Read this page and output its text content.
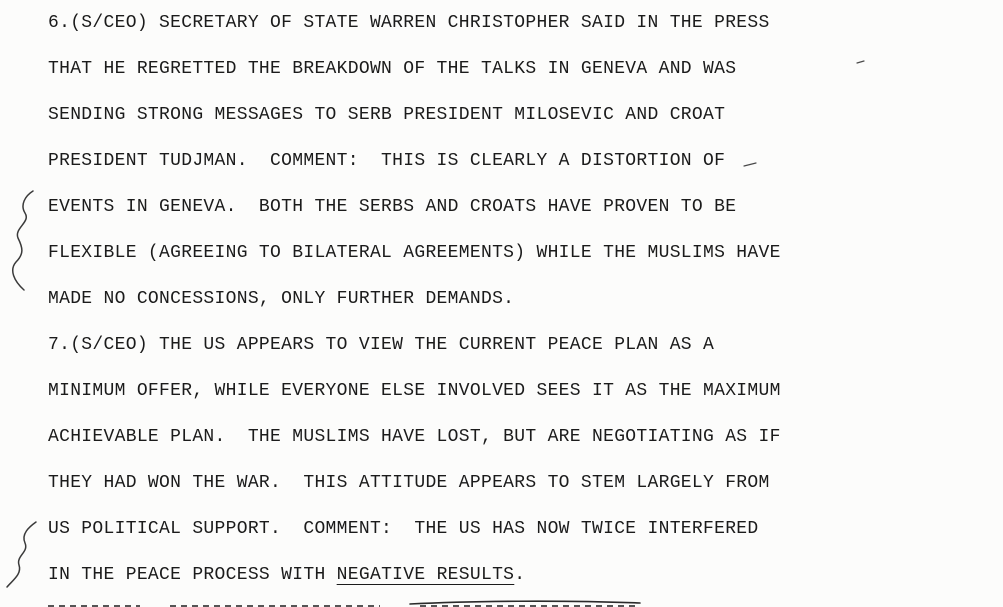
6.(S/CEO) SECRETARY OF STATE WARREN CHRISTOPHER SAID IN THE PRESS
THAT HE REGRETTED THE BREAKDOWN OF THE TALKS IN GENEVA AND WAS
SENDING STRONG MESSAGES TO SERB PRESIDENT MILOSEVIC AND CROAT
PRESIDENT TUDJMAN.  COMMENT:  THIS IS CLEARLY A DISTORTION OF
EVENTS IN GENEVA.  BOTH THE SERBS AND CROATS HAVE PROVEN TO BE
FLEXIBLE (AGREEING TO BILATERAL AGREEMENTS) WHILE THE MUSLIMS HAVE
MADE NO CONCESSIONS, ONLY FURTHER DEMANDS.
7.(S/CEO) THE US APPEARS TO VIEW THE CURRENT PEACE PLAN AS A
MINIMUM OFFER, WHILE EVERYONE ELSE INVOLVED SEES IT AS THE MAXIMUM
ACHIEVABLE PLAN.  THE MUSLIMS HAVE LOST, BUT ARE NEGOTIATING AS IF
THEY HAD WON THE WAR.  THIS ATTITUDE APPEARS TO STEM LARGELY FROM
US POLITICAL SUPPORT.  COMMENT:  THE US HAS NOW TWICE INTERFERED
IN THE PEACE PROCESS WITH NEGATIVE RESULTS.
